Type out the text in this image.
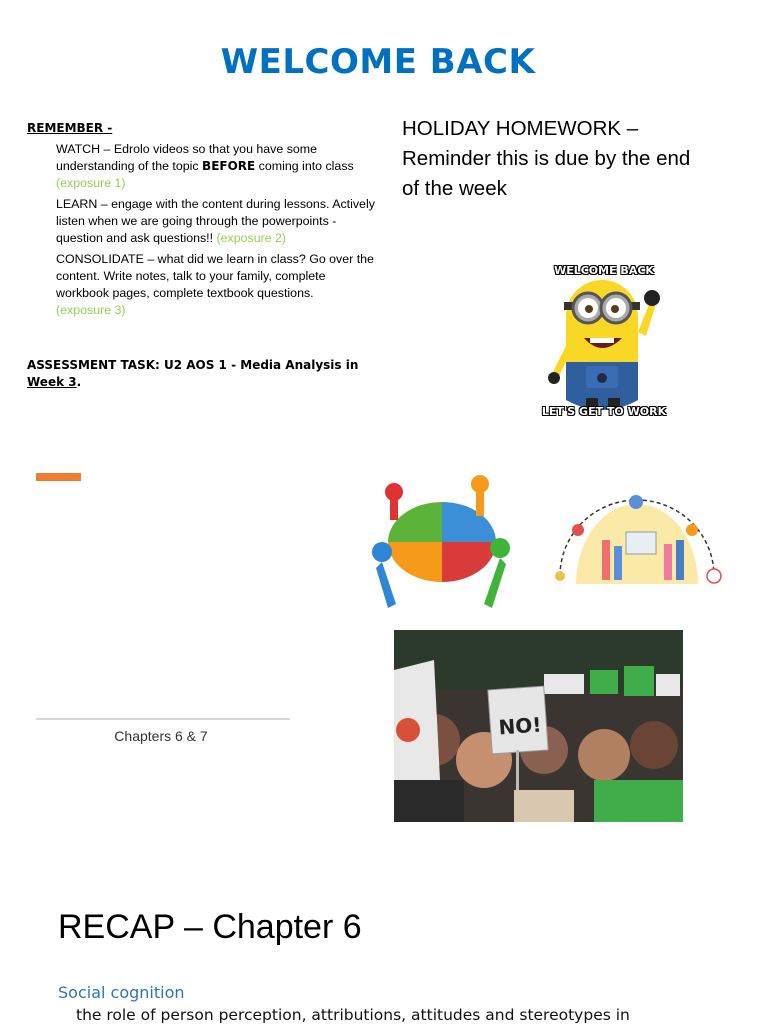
WELCOME BACK
REMEMBER -

WATCH – Edrolo videos so that you have some understanding of the topic BEFORE coming into class
(exposure 1)

LEARN – engage with the content during lessons. Actively listen when we are going through the powerpoints - question and ask questions!! (exposure 2)

CONSOLIDATE – what did we learn in class? Go over the content. Write notes, talk to your family, complete workbook pages, complete textbook questions.
(exposure 3)

ASSESSMENT TASK: U2 AOS 1 - Media Analysis in Week 3.
HOLIDAY HOMEWORK – Reminder this is due by the end of the week
WELCOME BACK
LET'S GET TO WORK
NO!
Chapters 6 & 7
RECAP – Chapter 6
Social cognition
the role of person perception, attributions, attitudes and stereotypes in
